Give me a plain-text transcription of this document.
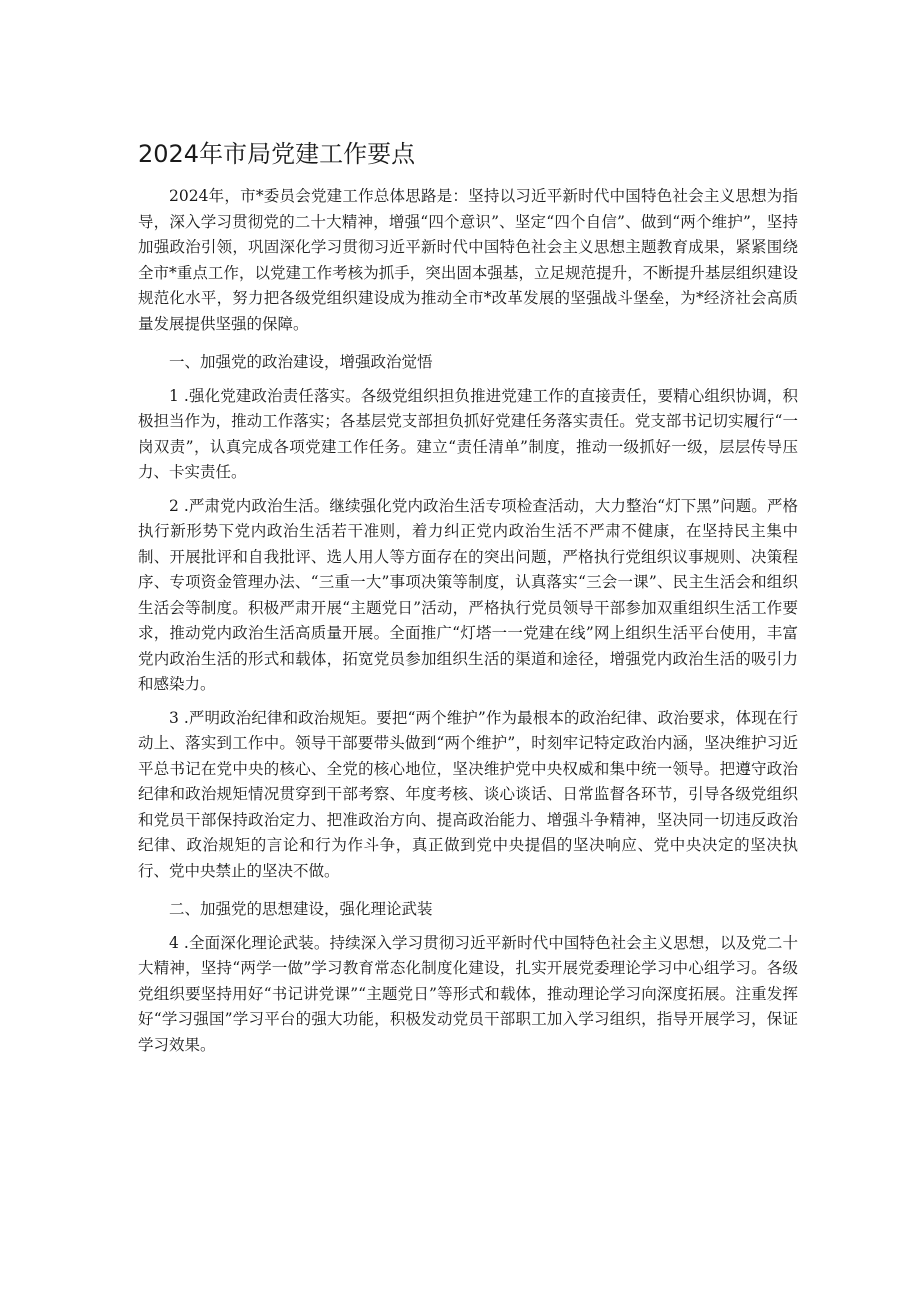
2024年市局党建工作要点

2024年，市*委员会党建工作总体思路是：坚持以习近平新时代中国特色社会主义思想为指导，深入学习贯彻党的二十大精神，增强“四个意识”、坚定“四个自信”、做到“两个维护”，坚持加强政治引领，巩固深化学习贯彻习近平新时代中国特色社会主义思想主题教育成果，紧紧围绕全市*重点工作，以党建工作考核为抓手，突出固本强基，立足规范提升，不断提升基层组织建设规范化水平，努力把各级党组织建设成为推动全市*改革发展的坚强战斗堡垒，为*经济社会高质量发展提供坚强的保障。

一、加强党的政治建设，增强政治觉悟

1 .强化党建政治责任落实。各级党组织担负推进党建工作的直接责任，要精心组织协调，积极担当作为，推动工作落实；各基层党支部担负抓好党建任务落实责任。党支部书记切实履行“一岗双责”，认真完成各项党建工作任务。建立“责任清单”制度，推动一级抓好一级，层层传导压力、卡实责任。

2 .严肃党内政治生活。继续强化党内政治生活专项检查活动，大力整治“灯下黑”问题。严格执行新形势下党内政治生活若干准则，着力纠正党内政治生活不严肃不健康，在坚持民主集中制、开展批评和自我批评、选人用人等方面存在的突出问题，严格执行党组织议事规则、决策程序、专项资金管理办法、“三重一大”事项决策等制度，认真落实“三会一课”、民主生活会和组织生活会等制度。积极严肃开展“主题党日”活动，严格执行党员领导干部参加双重组织生活工作要求，推动党内政治生活高质量开展。全面推广“灯塔一一党建在线”网上组织生活平台使用，丰富党内政治生活的形式和载体，拓宽党员参加组织生活的渠道和途径，增强党内政治生活的吸引力和感染力。

3 .严明政治纪律和政治规矩。要把“两个维护”作为最根本的政治纪律、政治要求，体现在行动上、落实到工作中。领导干部要带头做到“两个维护”，时刻牢记特定政治内涵，坚决维护习近平总书记在党中央的核心、全党的核心地位，坚决维护党中央权威和集中统一领导。把遵守政治纪律和政治规矩情况贯穿到干部考察、年度考核、谈心谈话、日常监督各环节，引导各级党组织和党员干部保持政治定力、把准政治方向、提高政治能力、增强斗争精神，坚决同一切违反政治纪律、政治规矩的言论和行为作斗争，真正做到党中央提倡的坚决响应、党中央决定的坚决执行、党中央禁止的坚决不做。

二、加强党的思想建设，强化理论武装

4 .全面深化理论武装。持续深入学习贯彻习近平新时代中国特色社会主义思想，以及党二十大精神，坚持“两学一做”学习教育常态化制度化建设，扎实开展党委理论学习中心组学习。各级党组织要坚持用好“书记讲党课”“主题党日”等形式和载体，推动理论学习向深度拓展。注重发挥好“学习强国”学习平台的强大功能，积极发动党员干部职工加入学习组织，指导开展学习，保证学习效果。
